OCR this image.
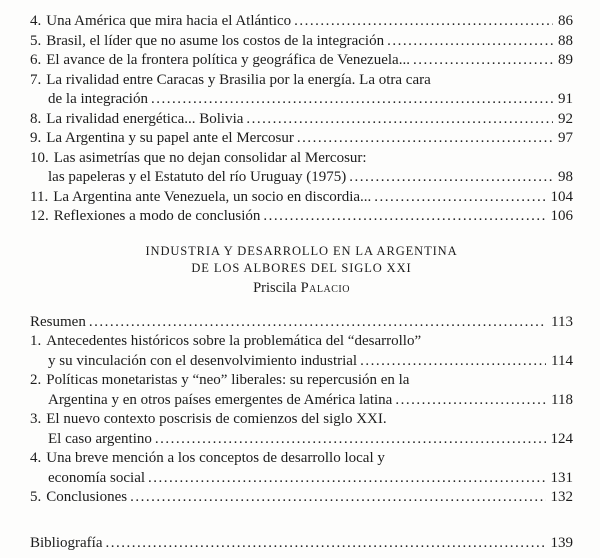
4. Una América que mira hacia el Atlántico .....	86
5. Brasil, el líder que no asume los costos de la integración .....	88
6. El avance de la frontera política y geográfica de Venezuela... .....	89
7. La rivalidad entre Caracas y Brasilia por la energía. La otra cara
de la integración .....	91
8. La rivalidad energética... Bolivia .....	92
9. La Argentina y su papel ante el Mercosur .....	97
10. Las asimetrías que no dejan consolidar al Mercosur:
las papeleras y el Estatuto del río Uruguay (1975) .....	98
11. La Argentina ante Venezuela, un socio en discordia... .....	104
12. Reflexiones a modo de conclusión .....	106
INDUSTRIA Y DESARROLLO EN LA ARGENTINA
DE LOS ALBORES DEL SIGLO XXI
Priscila Palacio
Resumen .....	113
1. Antecedentes históricos sobre la problemática del “desarrollo”
y su vinculación con el desenvolvimiento industrial .....	114
2. Políticas monetaristas y “neo” liberales: su repercusión en la
Argentina y en otros países emergentes de América latina .....	118
3. El nuevo contexto poscrisis de comienzos del siglo XXI.
El caso argentino .....	124
4. Una breve mención a los conceptos de desarrollo local y
economía social .....	131
5. Conclusiones .....	132
Bibliografía .....	139
